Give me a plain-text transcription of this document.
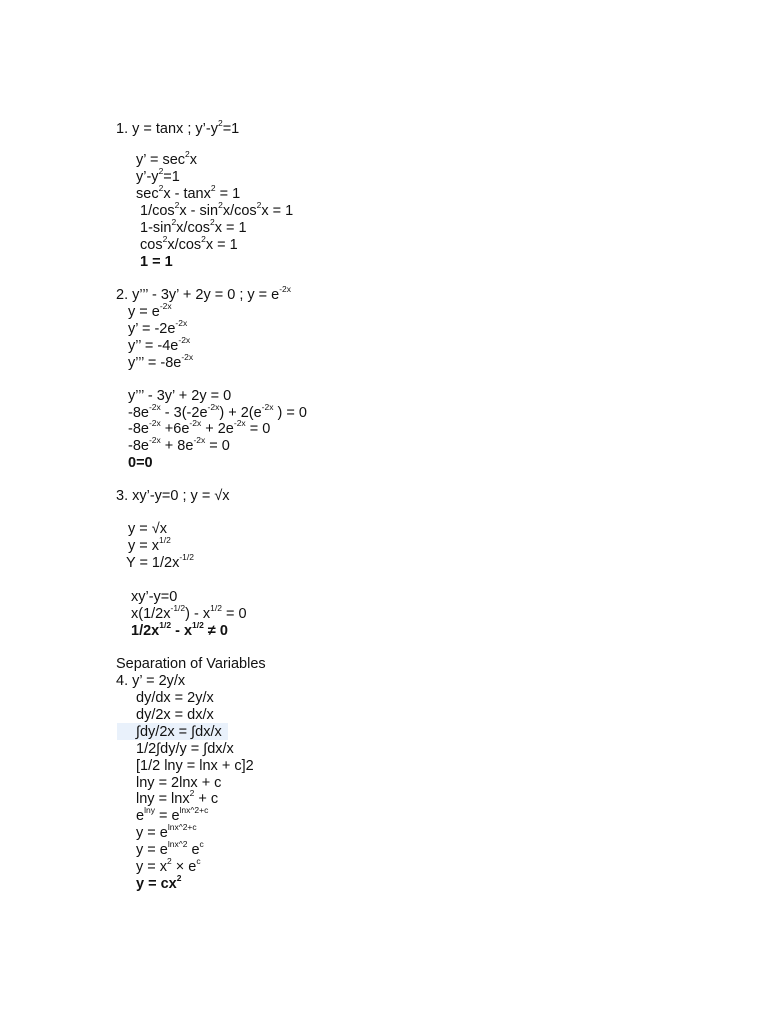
1. y = tanx ; $y’-y^2=1$
y’ = $\sec^2x$
$y’-y^2=1$
$\sec^2x - \tan x^2 = 1$
$1/\cos^2x - \sin^2x/\cos^2x = 1$
$1-\sin^2x/\cos^2x = 1$
$\cos^2x/\cos^2x = 1$
1 = 1
2. y’’’ - 3y’ + 2y = 0 ; $y = e^{-2x}$
$y = e^{-2x}$
y’ = $-2e^{-2x}$
y’’ = $-4e^{-2x}$
y’’’ = $-8e^{-2x}$
y’’’ - 3y’ + 2y = 0
$-8e^{-2x} - 3(-2e^{-2x}) + 2(e^{-2x}$ ) = 0
$-8e^{-2x} +6e^{-2x} + 2e^{-2x} = 0$
$-8e^{-2x} + 8e^{-2x} = 0$
0=0
3. xy’-y=0 ; y = √x
y = √x
$y = x^{1/2}$
$Y = 1/2x^{-1/2}$
xy’-y=0
$x(1/2x^{-1/2}) - x^{1/2} = 0$
$1/2x^{1/2} - x^{1/2} \ne 0$
Separation of Variables
4. y’ = 2y/x
dy/dx = 2y/x
dy/2x = dx/x
∫dy/2x = ∫dx/x
1/2∫dy/y = ∫dx/x
[1/2 lny = lnx + c]2
lny = 2lnx + c
lny = lnx$^2$ + c
$e^{lny} = e^{lnx\^{}2+c}$
$y = e^{lnx\^{}2+c}$
$y = e^{lnx\^{}2}$ $e^c$
$y = x^2 \times e^c$
$y = cx^2$
